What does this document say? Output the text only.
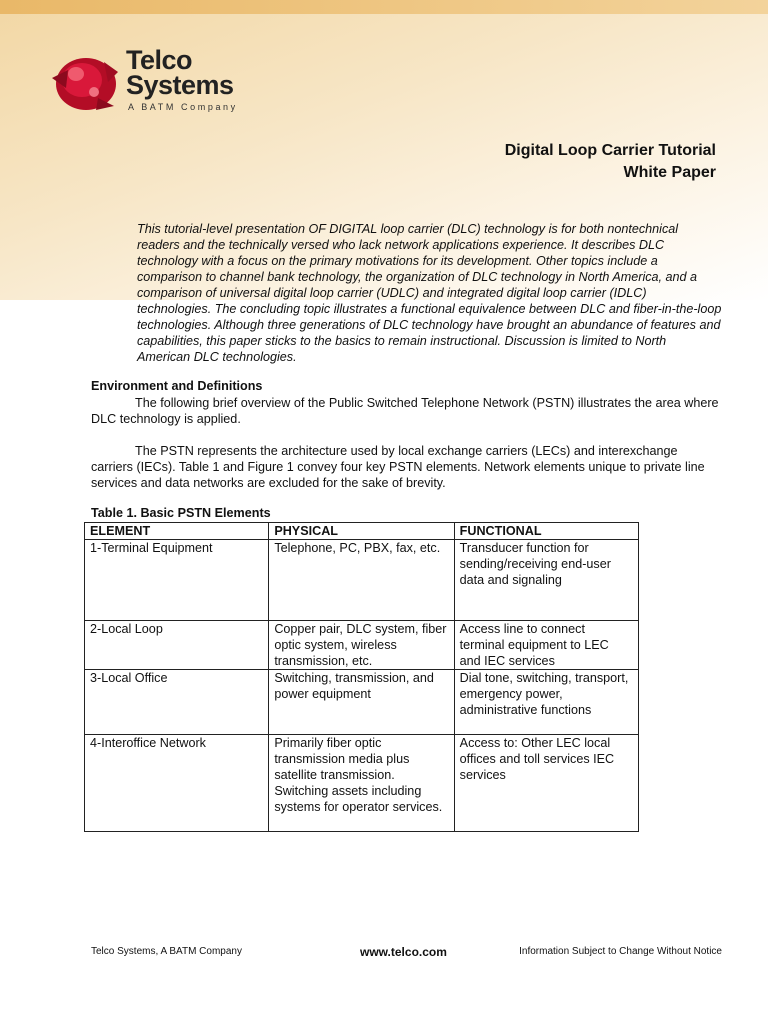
Telco
Systems
A BATM Company
Digital Loop Carrier Tutorial
White Paper
This tutorial-level presentation OF DIGITAL loop carrier (DLC) technology is for both nontechnical readers and the technically versed who lack network applications experience. It describes DLC technology with a focus on the primary motivations for its development. Other topics include a comparison to channel bank technology, the organization of DLC technology in North America, and a comparison of universal digital loop carrier (UDLC) and integrated digital loop carrier (IDLC) technologies. The concluding topic illustrates a functional equivalence between DLC and fiber-in-the-loop technologies. Although three generations of DLC technology have brought an abundance of features and capabilities, this paper sticks to the basics to remain instructional. Discussion is limited to North American DLC technologies.
Environment and Definitions
The following brief overview of the Public Switched Telephone Network (PSTN) illustrates the area where DLC technology is applied.
The PSTN represents the architecture used by local exchange carriers (LECs) and interexchange carriers (IECs). Table 1 and Figure 1 convey four key PSTN elements. Network elements unique to private line services and data networks are excluded for the sake of brevity.
Table 1. Basic PSTN Elements
ELEMENT	PHYSICAL	FUNCTIONAL
1-Terminal Equipment	Telephone, PC, PBX, fax, etc.	Transducer function for sending/receiving end-user data and signaling
2-Local Loop	Copper pair, DLC system, fiber optic system, wireless transmission, etc.	Access line to connect terminal equipment to LEC and IEC services
3-Local Office	Switching, transmission, and power equipment	Dial tone, switching, transport, emergency power, administrative functions
4-Interoffice Network	Primarily fiber optic transmission media plus satellite transmission. Switching assets including systems for operator services.	Access to: Other LEC local offices and toll services IEC services
Telco Systems, A BATM Company	www.telco.com	Information Subject to Change Without Notice
